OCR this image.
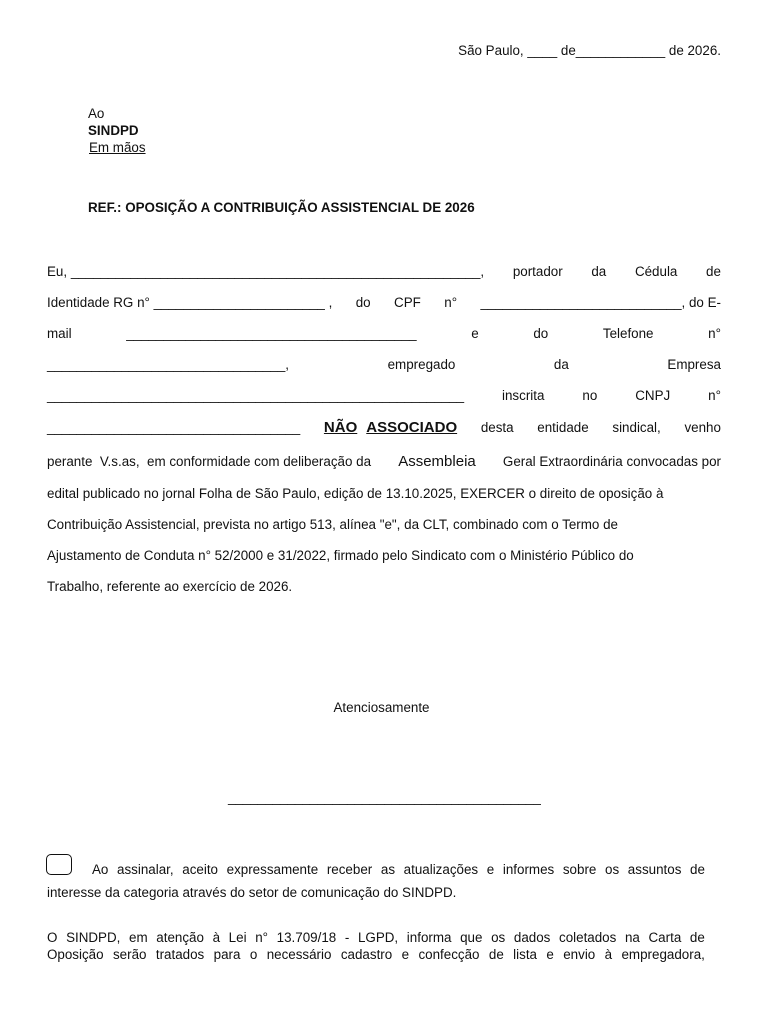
São Paulo, ____ de____________ de 2026.
Ao
SINDPD
Em mãos
REF.: OPOSIÇÃO A CONTRIBUIÇÃO ASSISTENCIAL DE 2026
Eu, _______________________________________________________, portador da Cédula de
Identidade RG n° _______________________ , do CPF n° ___________________________, do E-
mail	_______________________________________	e	do	Telefone	n°
________________________________,	empregado	da	Empresa
________________________________________________________	inscrita	no	CNPJ	n°
__________________________________ NÃO ASSOCIADO desta entidade sindical, venho
perante  V.s.as,  em conformidade com deliberação da Assembleia Geral Extraordinária convocadas por
edital publicado no jornal Folha de São Paulo, edição de 13.10.2025, EXERCER o direito de oposição à
Contribuição Assistencial, prevista no artigo 513, alínea "e", da CLT, combinado com o Termo de
Ajustamento de Conduta n° 52/2000 e 31/2022, firmado pelo Sindicato com o Ministério Público do
Trabalho, referente ao exercício de 2026.
Atenciosamente
__________________________________________
Ao assinalar, aceito expressamente receber as atualizações e informes sobre os assuntos de
interesse da categoria através do setor de comunicação do SINDPD.
O SINDPD, em atenção à Lei n° 13.709/18 - LGPD, informa que os dados coletados na Carta de
Oposição serão tratados para o necessário cadastro e confecção de lista e envio à empregadora,
